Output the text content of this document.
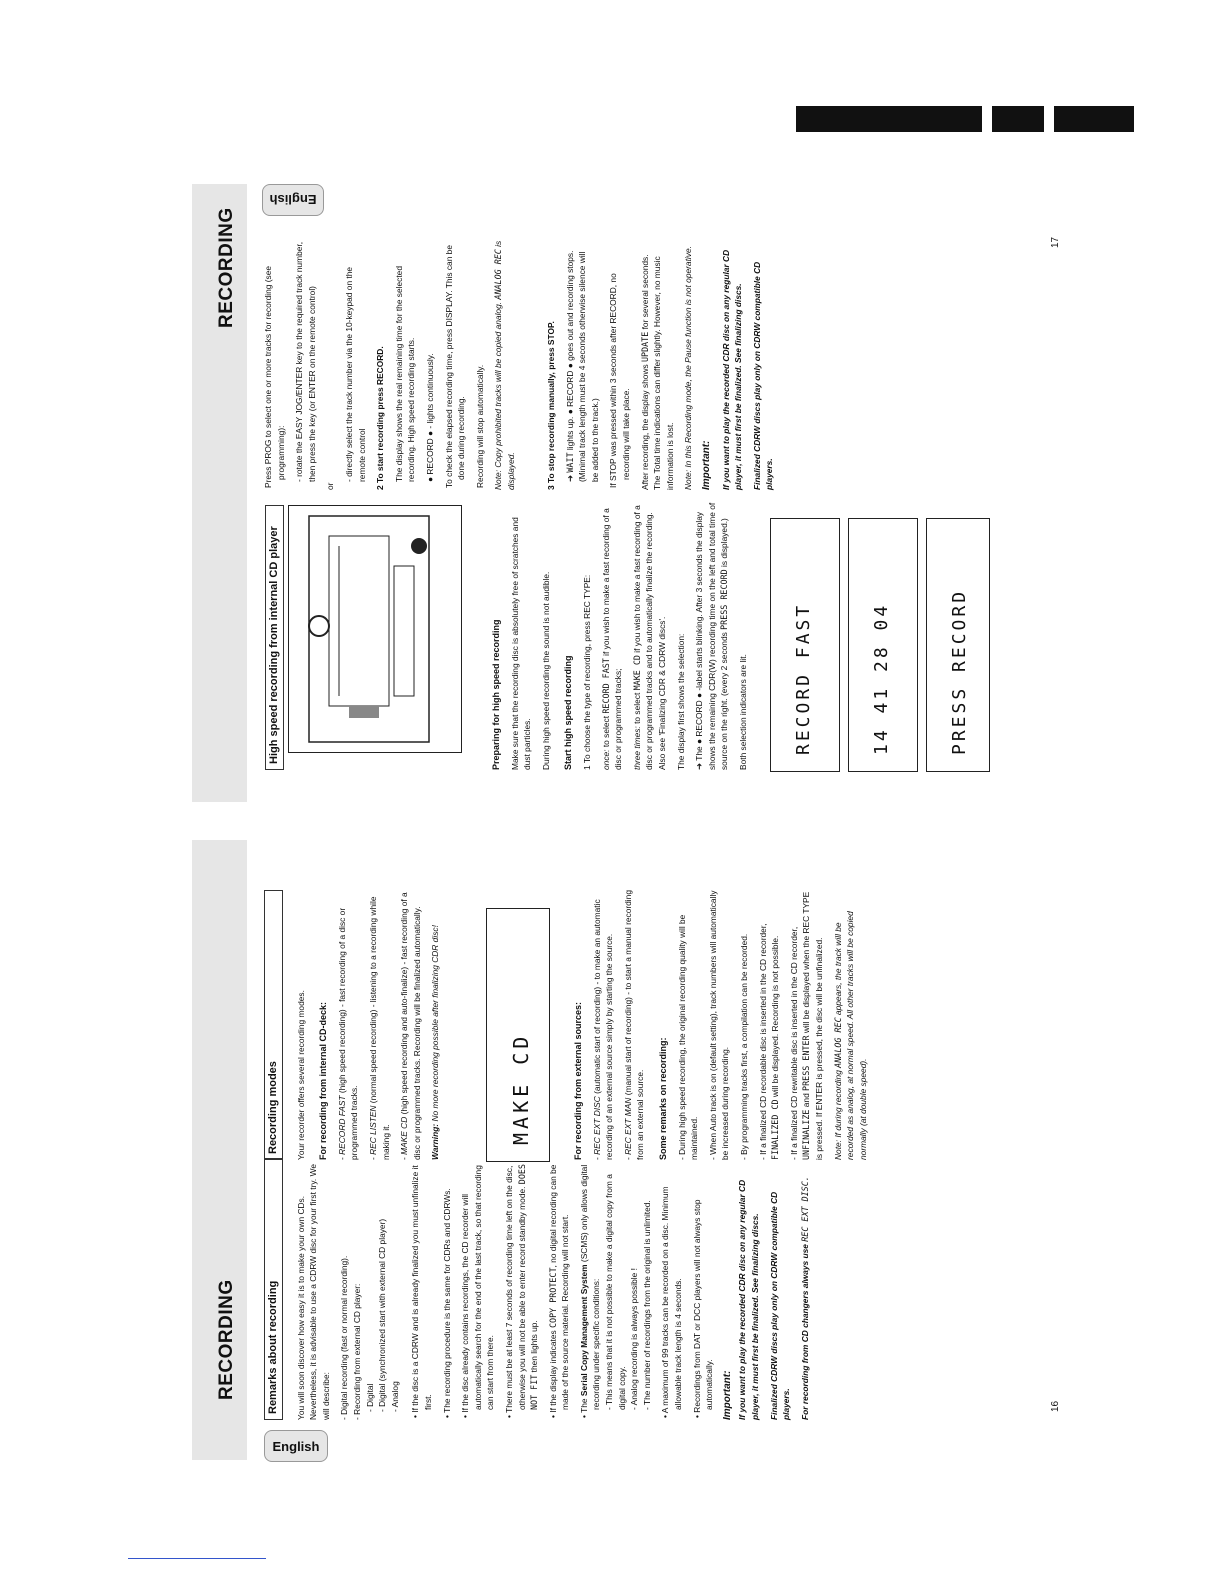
RECORDING
English
17
High speed recording from internal CD player	Preparing for high speed recording Make sure that the recording disc is absolutely free of scratches and dust particles. During high speed recording the sound is not audible. Start high speed recording 1 To choose the type of recording, press REC TYPE: once: to select RECORD FAST if you wish to make a fast recording of a disc or programmed tracks; three times: to select MAKE CD if you wish to make a fast recording of a disc or programmed tracks and to automatically finalize the recording. Also see 'Finalizing CDR & CDRW discs'. The display first shows the selection: ➜ The ● RECORD ● -label starts blinking. After 3 seconds the display shows the remaining CDR(W) recording time on the left and total time of source on the right. (every 2 seconds PRESS RECORD is displayed.)

Both selection indicators are lit.	RECORD FAST	14 41 28 04	PRESS RECORD

Press PROG to select one or more tracks for recording (see programming): - rotate the EASY JOG/ENTER key to the required track number, then press the key (or ENTER on the remote control)

or

- directly select the track number via the 10-keypad on the remote control 2 To start recording press RECORD. The display shows the real remaining time for the selected recording. High speed recording starts. ● RECORD ● - lights continuously. To check the elapsed recording time, press DISPLAY. This can be done during recording. Recording will stop automatically. Note: Copy prohibited tracks will be copied analog. ANALOG REC is displayed.	3 To stop recording manually, press STOP. ➜ WAIT lights up. ● RECORD ● goes out and recording stops. (Minimal track length must be 4 seconds otherwise silence will be added to the track.) If STOP was pressed within 3 seconds after RECORD, no recording will take place. After recording, the display shows UPDATE for several seconds. The Total time indications can differ slightly. However, no music information is lost. Note: In this Recording mode, the Pause function is not operative. Important: If you want to play the recorded CDR disc on any regular CD player, it must first be finalized. See finalizing discs. Finalized CDRW discs play only on CDRW compatible CD players.

RECORDING
English
16
Remarks about recording	You will soon discover how easy it is to make your own CDs. Nevertheless, it is advisable to use a CDRW disc for your first try. We will describe: - Digital recording (fast or normal recording). - Recording from external CD player: - Digital - Digital (synchronized start with external CD player) - Analog

• If the disc is a CDRW and is already finalized you must unfinalize it first.

• The recording procedure is the same for CDRs and CDRWs.

• If the disc already contains recordings, the CD recorder will automatically search for the end of the last track, so that recording can start from there.

• There must be at least 7 seconds of recording time left on the disc, otherwise you will not be able to enter record standby mode. DOES NOT FIT then lights up.

• If the display indicates COPY PROTECT, no digital recording can be made of the source material. Recording will not start.

• The Serial Copy Management System (SCMS) only allows digital recording under specific conditions: - This means that it is not possible to make a digital copy from a digital copy. - Analog recording is always possible ! - The number of recordings from the original is unlimited.

• A maximum of 99 tracks can be recorded on a disc. Minimum allowable track length is 4 seconds.

• Recordings from DAT or DCC players will not always stop automatically. Important: If you want to play the recorded CDR disc on any regular CD player, it must first be finalized. See finalizing discs. Finalized CDRW discs play only on CDRW compatible CD players. For recording from CD changers always use REC EXT DISC.

Recording modes	Your recorder offers several recording modes. For recording from internal CD-deck: - RECORD FAST (high speed recording) - fast recording of a disc or programmed tracks. - REC LISTEN (normal speed recording) - listening to a recording while making it. - MAKE CD (high speed recording and auto-finalize) - fast recording of a disc or programmed tracks. Recording will be finalized automatically. Warning: No more recording possible after finalizing CDR disc!	MAKE CD	For recording from external sources: - REC EXT DISC (automatic start of recording) - to make an automatic recording of an external source simply by starting the source. - REC EXT MAN (manual start of recording) - to start a manual recording from an external source. Some remarks on recording: - During high speed recording, the original recording quality will be maintained. - When Auto track is on (default setting), track numbers will automatically be increased during recording. - By programming tracks first, a compilation can be recorded. - If a finalized CD recordable disc is inserted in the CD recorder, FINALIZED CD will be displayed. Recording is not possible. - If a finalized CD rewritable disc is inserted in the CD recorder, UNFINALIZE and PRESS ENTER will be displayed when the REC TYPE is pressed. If ENTER is pressed, the disc will be unfinalized. Note: If during recording ANALOG REC appears, the track will be recorded as analog, at normal speed. All other tracks will be copied normally (at double speed).
